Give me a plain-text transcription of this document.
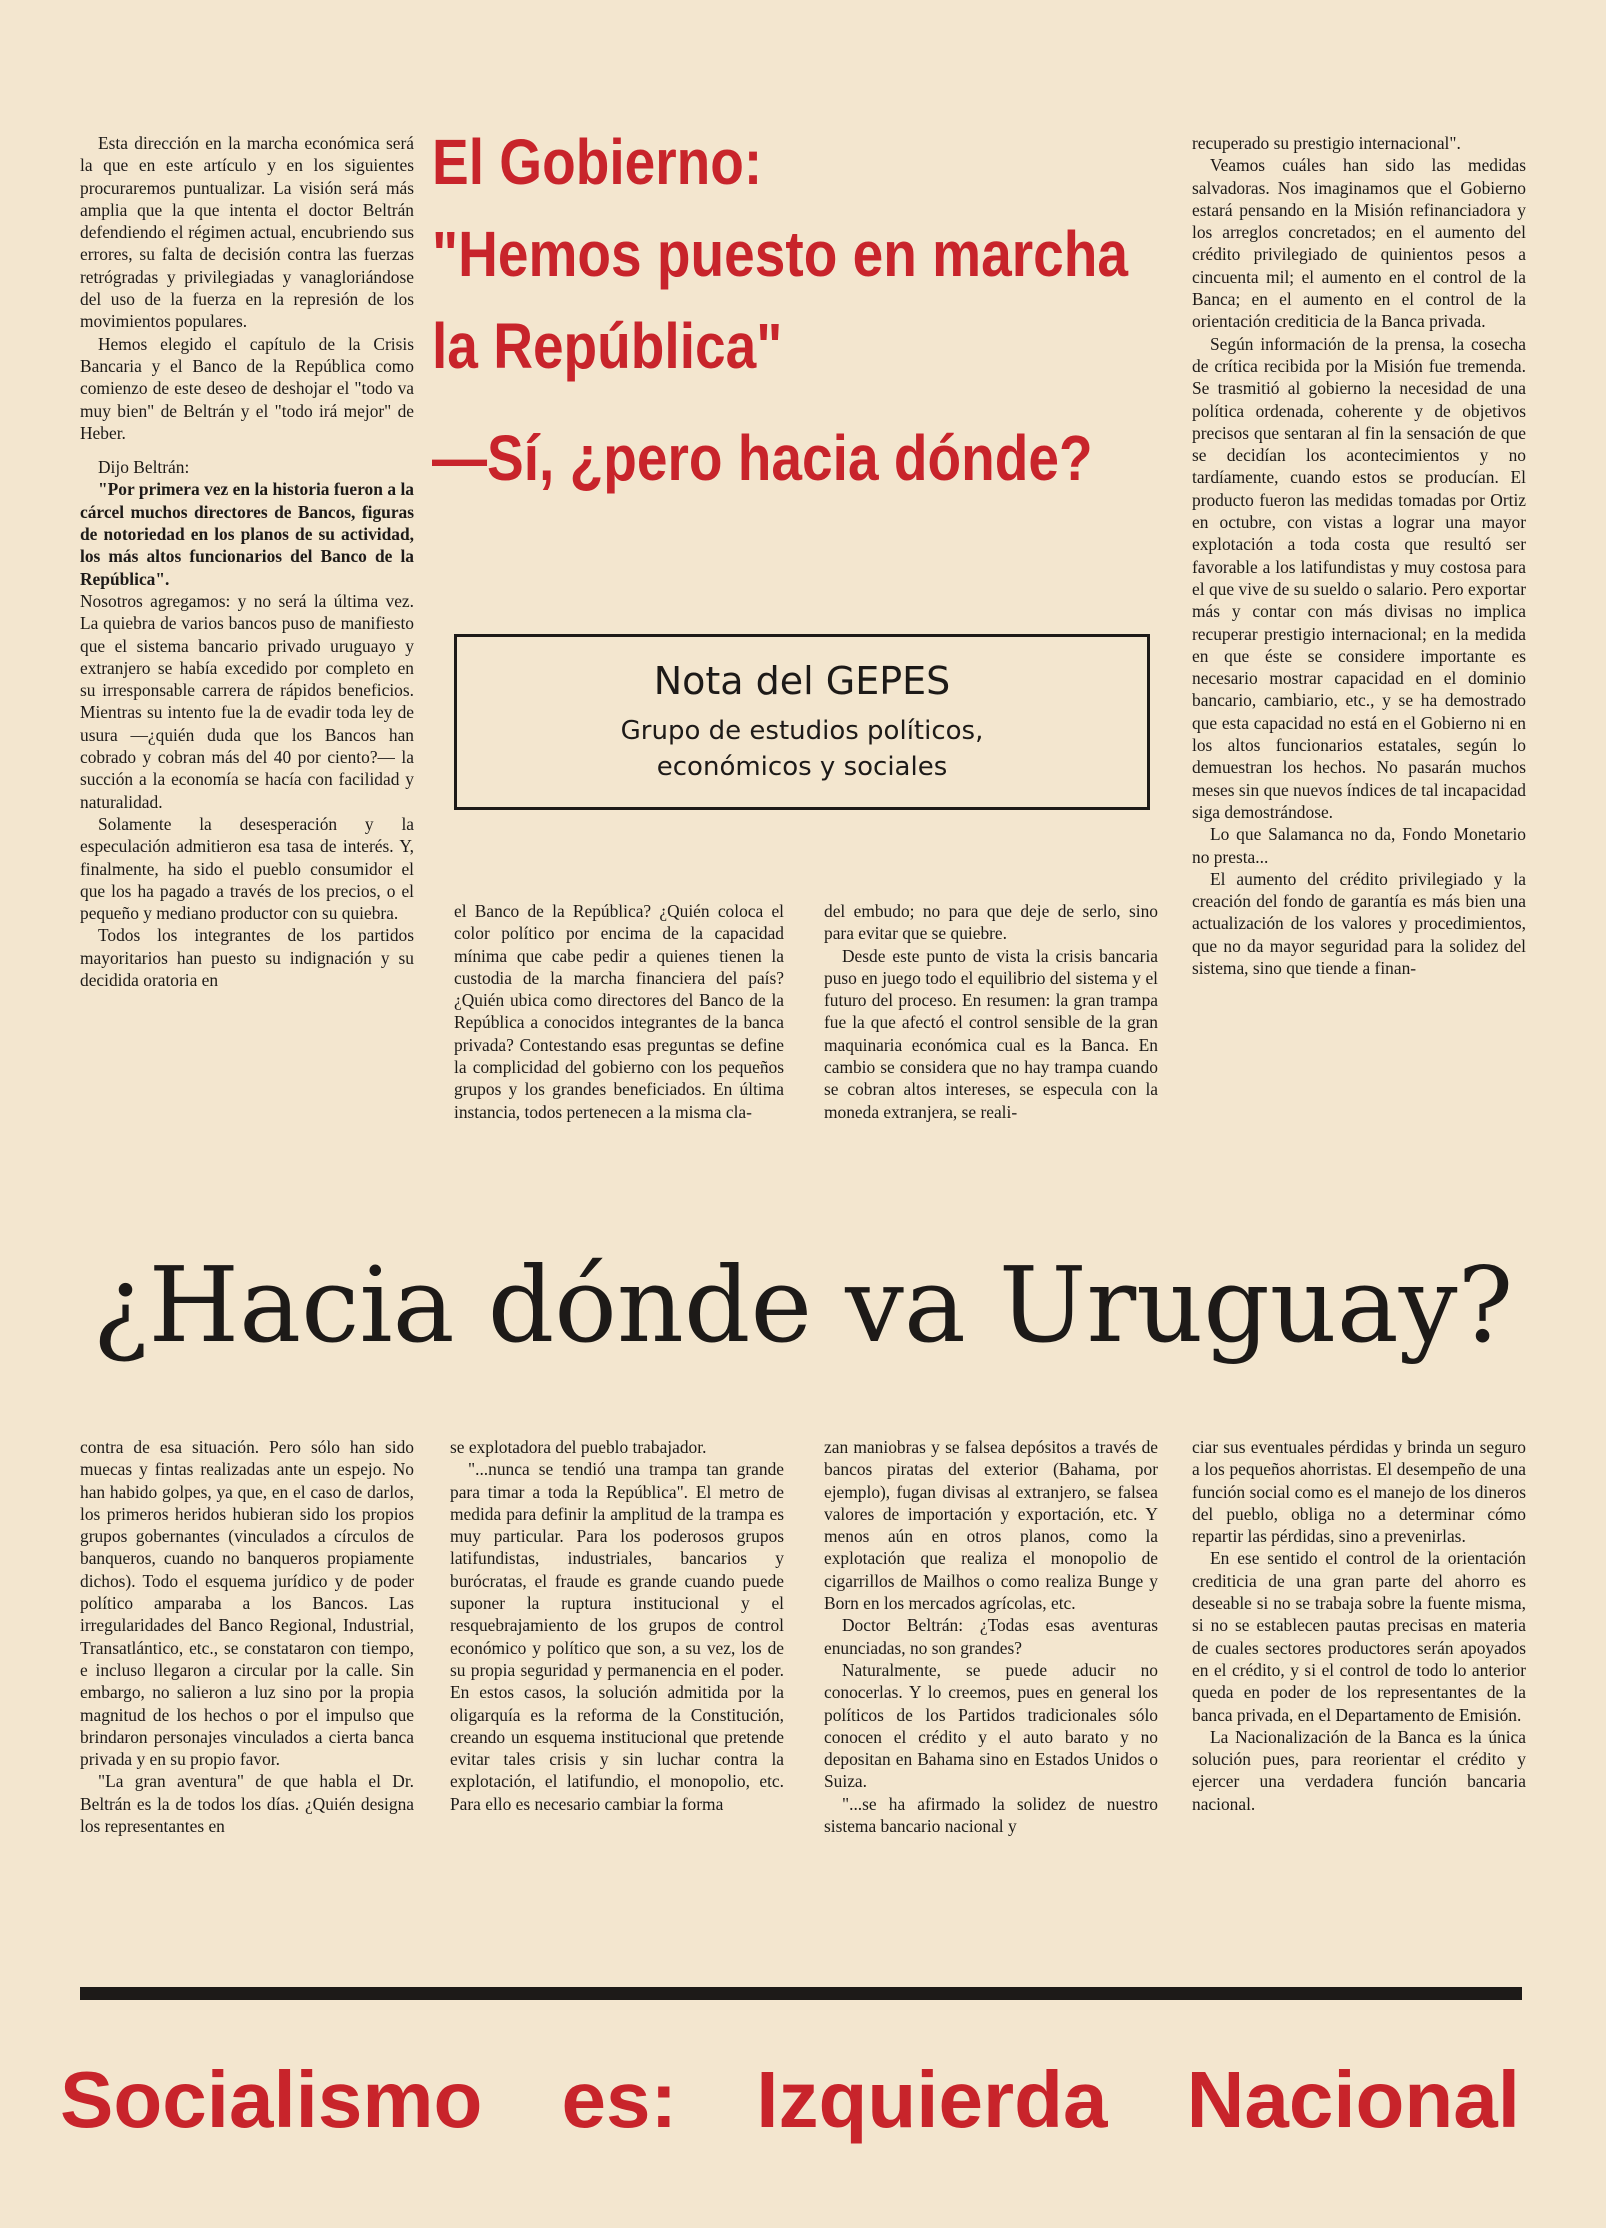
Esta dirección en la marcha económica será la que en este artículo y en los siguientes procuraremos puntualizar. La visión será más amplia que la que intenta el doctor Beltrán defendiendo el régimen actual, encubriendo sus errores, su falta de decisión contra las fuerzas retrógradas y privilegiadas y vanagloriándose del uso de la fuerza en la represión de los movimientos populares.

Hemos elegido el capítulo de la Crisis Bancaria y el Banco de la República como comienzo de este deseo de deshojar el "todo va muy bien" de Beltrán y el "todo irá mejor" de Heber.

Dijo Beltrán:

"Por primera vez en la historia fueron a la cárcel muchos directores de Bancos, figuras de notoriedad en los planos de su actividad, los más altos funcionarios del Banco de la República".

Nosotros agregamos: y no será la última vez. La quiebra de varios bancos puso de manifiesto que el sistema bancario privado uruguayo y extranjero se había excedido por completo en su irresponsable carrera de rápidos beneficios. Mientras su intento fue la de evadir toda ley de usura —¿quién duda que los Bancos han cobrado y cobran más del 40 por ciento?— la succión a la economía se hacía con facilidad y naturalidad.

Solamente la desesperación y la especulación admitieron esa tasa de interés. Y, finalmente, ha sido el pueblo consumidor el que los ha pagado a través de los precios, o el pequeño y mediano productor con su quiebra.

Todos los integrantes de los partidos mayoritarios han puesto su indignación y su decidida oratoria en

El Gobierno:
"Hemos puesto en marcha
la República"
—Sí, ¿pero hacia dónde?
Nota del GEPES
Grupo de estudios políticos,
económicos y sociales

el Banco de la República? ¿Quién coloca el color político por encima de la capacidad mínima que cabe pedir a quienes tienen la custodia de la marcha financiera del país? ¿Quién ubica como directores del Banco de la República a conocidos integrantes de la banca privada? Contestando esas preguntas se define la complicidad del gobierno con los pequeños grupos y los grandes beneficiados. En última instancia, todos pertenecen a la misma cla-

del embudo; no para que deje de serlo, sino para evitar que se quiebre.

Desde este punto de vista la crisis bancaria puso en juego todo el equilibrio del sistema y el futuro del proceso. En resumen: la gran trampa fue la que afectó el control sensible de la gran maquinaria económica cual es la Banca. En cambio se considera que no hay trampa cuando se cobran altos intereses, se especula con la moneda extranjera, se reali-

recuperado su prestigio internacional".

Veamos cuáles han sido las medidas salvadoras. Nos imaginamos que el Gobierno estará pensando en la Misión refinanciadora y los arreglos concretados; en el aumento del crédito privilegiado de quinientos pesos a cincuenta mil; el aumento en el control de la Banca; en el aumento en el control de la orientación crediticia de la Banca privada.

Según información de la prensa, la cosecha de crítica recibida por la Misión fue tremenda. Se trasmitió al gobierno la necesidad de una política ordenada, coherente y de objetivos precisos que sentaran al fin la sensación de que se decidían los acontecimientos y no tardíamente, cuando estos se producían. El producto fueron las medidas tomadas por Ortiz en octubre, con vistas a lograr una mayor explotación a toda costa que resultó ser favorable a los latifundistas y muy costosa para el que vive de su sueldo o salario. Pero exportar más y contar con más divisas no implica recuperar prestigio internacional; en la medida en que éste se considere importante es necesario mostrar capacidad en el dominio bancario, cambiario, etc., y se ha demostrado que esta capacidad no está en el Gobierno ni en los altos funcionarios estatales, según lo demuestran los hechos. No pasarán muchos meses sin que nuevos índices de tal incapacidad siga demostrándose.

Lo que Salamanca no da, Fondo Monetario no presta...

El aumento del crédito privilegiado y la creación del fondo de garantía es más bien una actualización de los valores y procedimientos, que no da mayor seguridad para la solidez del sistema, sino que tiende a finan-

¿Hacia dónde va Uruguay?

contra de esa situación. Pero sólo han sido muecas y fintas realizadas ante un espejo. No han habido golpes, ya que, en el caso de darlos, los primeros heridos hubieran sido los propios grupos gobernantes (vinculados a círculos de banqueros, cuando no banqueros propiamente dichos). Todo el esquema jurídico y de poder político amparaba a los Bancos. Las irregularidades del Banco Regional, Industrial, Transatlántico, etc., se constataron con tiempo, e incluso llegaron a circular por la calle. Sin embargo, no salieron a luz sino por la propia magnitud de los hechos o por el impulso que brindaron personajes vinculados a cierta banca privada y en su propio favor.

"La gran aventura" de que habla el Dr. Beltrán es la de todos los días. ¿Quién designa los representantes en

se explotadora del pueblo trabajador.

"...nunca se tendió una trampa tan grande para timar a toda la República". El metro de medida para definir la amplitud de la trampa es muy particular. Para los poderosos grupos latifundistas, industriales, bancarios y burócratas, el fraude es grande cuando puede suponer la ruptura institucional y el resquebrajamiento de los grupos de control económico y político que son, a su vez, los de su propia seguridad y permanencia en el poder. En estos casos, la solución admitida por la oligarquía es la reforma de la Constitución, creando un esquema institucional que pretende evitar tales crisis y sin luchar contra la explotación, el latifundio, el monopolio, etc. Para ello es necesario cambiar la forma

zan maniobras y se falsea depósitos a través de bancos piratas del exterior (Bahama, por ejemplo), fugan divisas al extranjero, se falsea valores de importación y exportación, etc. Y menos aún en otros planos, como la explotación que realiza el monopolio de cigarrillos de Mailhos o como realiza Bunge y Born en los mercados agrícolas, etc.

Doctor Beltrán: ¿Todas esas aventuras enunciadas, no son grandes?

Naturalmente, se puede aducir no conocerlas. Y lo creemos, pues en general los políticos de los Partidos tradicionales sólo conocen el crédito y el auto barato y no depositan en Bahama sino en Estados Unidos o Suiza.

"...se ha afirmado la solidez de nuestro sistema bancario nacional y

ciar sus eventuales pérdidas y brinda un seguro a los pequeños ahorristas. El desempeño de una función social como es el manejo de los dineros del pueblo, obliga no a determinar cómo repartir las pérdidas, sino a prevenirlas.

En ese sentido el control de la orientación crediticia de una gran parte del ahorro es deseable si no se trabaja sobre la fuente misma, si no se establecen pautas precisas en materia de cuales sectores productores serán apoyados en el crédito, y si el control de todo lo anterior queda en poder de los representantes de la banca privada, en el Departamento de Emisión.

La Nacionalización de la Banca es la única solución pues, para reorientar el crédito y ejercer una verdadera función bancaria nacional.

Socialismo es: Izquierda Nacional
